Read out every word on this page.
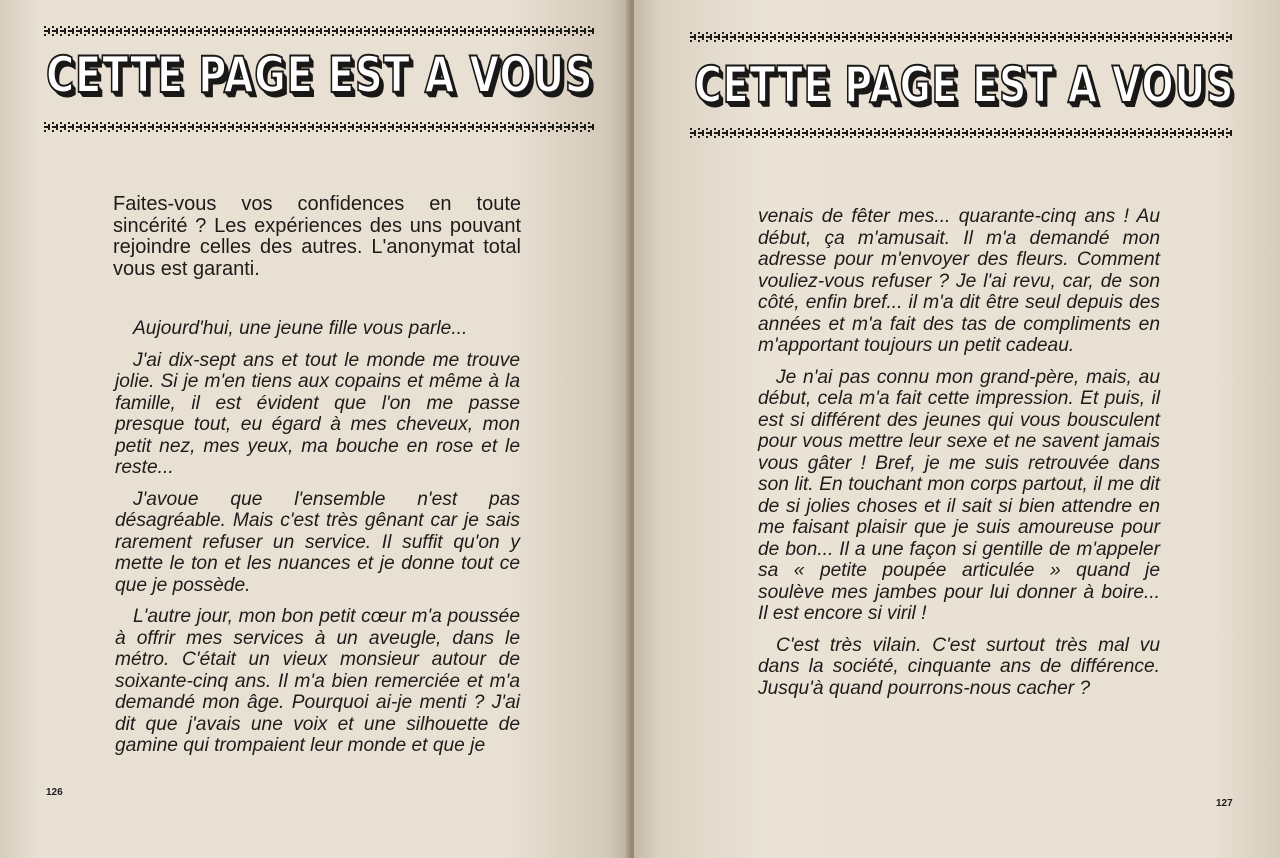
CETTE PAGE EST A VOUS

Faites-vous vos confidences en toute sincérité ? Les expériences des uns pouvant rejoindre celles des autres. L'anonymat total vous est garanti.

Aujourd'hui, une jeune fille vous parle...

J'ai dix-sept ans et tout le monde me trouve jolie. Si je m'en tiens aux copains et même à la famille, il est évident que l'on me passe presque tout, eu égard à mes cheveux, mon petit nez, mes yeux, ma bouche en rose et le reste...

J'avoue que l'ensemble n'est pas désagréable. Mais c'est très gênant car je sais rarement refuser un service. Il suffit qu'on y mette le ton et les nuances et je donne tout ce que je possède.

L'autre jour, mon bon petit cœur m'a poussée à offrir mes services à un aveugle, dans le métro. C'était un vieux monsieur autour de soixante-cinq ans. Il m'a bien remerciée et m'a demandé mon âge. Pourquoi ai-je menti ? J'ai dit que j'avais une voix et une silhouette de gamine qui trompaient leur monde et que je

126
CETTE PAGE EST A VOUS

venais de fêter mes... quarante-cinq ans ! Au début, ça m'amusait. Il m'a demandé mon adresse pour m'envoyer des fleurs. Comment vouliez-vous refuser ? Je l'ai revu, car, de son côté, enfin bref... il m'a dit être seul depuis des années et m'a fait des tas de compliments en m'apportant toujours un petit cadeau.

Je n'ai pas connu mon grand-père, mais, au début, cela m'a fait cette impression. Et puis, il est si différent des jeunes qui vous bousculent pour vous mettre leur sexe et ne savent jamais vous gâter ! Bref, je me suis retrouvée dans son lit. En touchant mon corps partout, il me dit de si jolies choses et il sait si bien attendre en me faisant plaisir que je suis amoureuse pour de bon... Il a une façon si gentille de m'appeler sa « petite poupée articulée » quand je soulève mes jambes pour lui donner à boire... Il est encore si viril !

C'est très vilain. C'est surtout très mal vu dans la société, cinquante ans de différence. Jusqu'à quand pourrons-nous cacher ?

127
